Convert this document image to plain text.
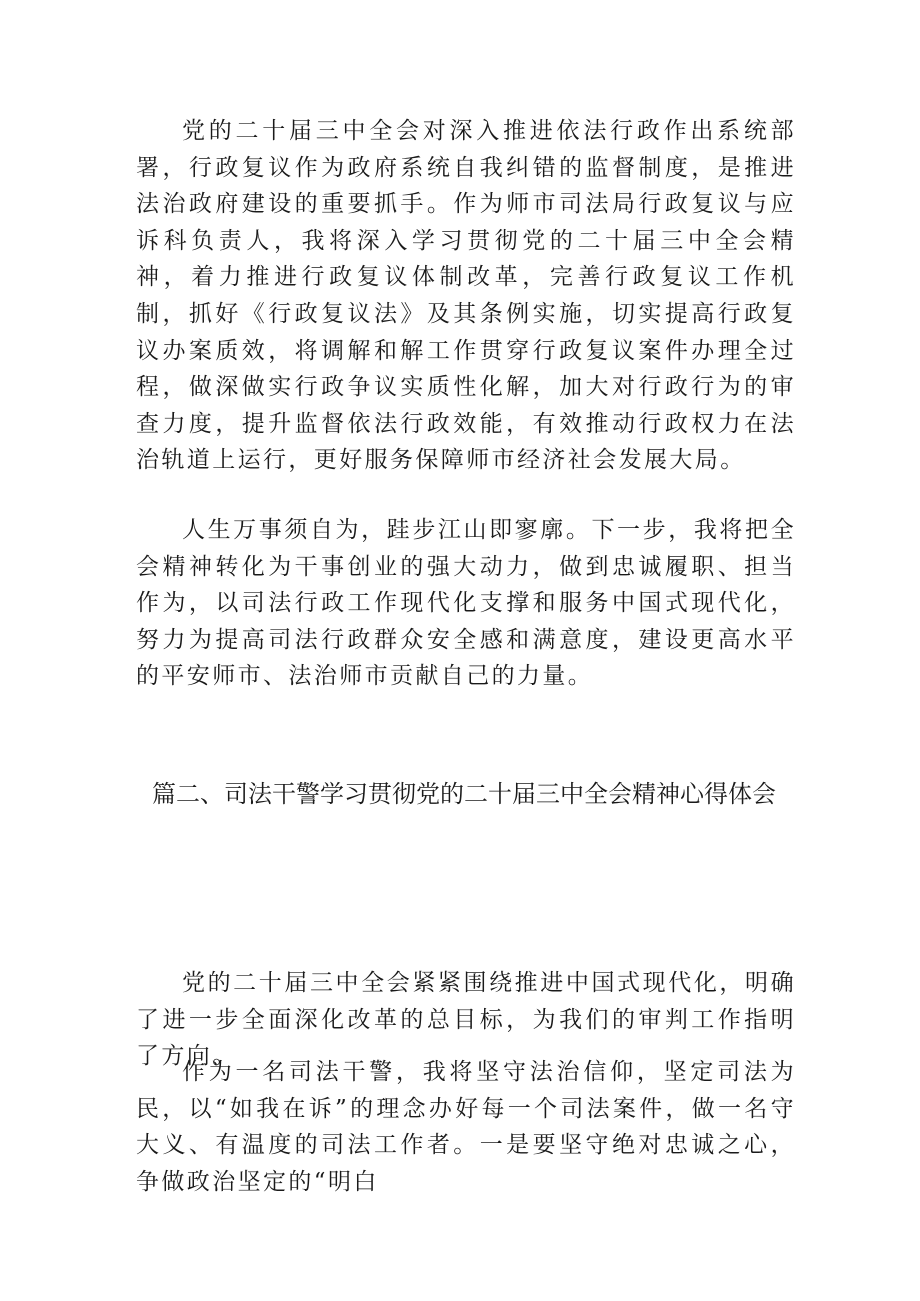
党的二十届三中全会对深入推进依法行政作出系统部署，行政复议作为政府系统自我纠错的监督制度，是推进法治政府建设的重要抓手。作为师市司法局行政复议与应诉科负责人，我将深入学习贯彻党的二十届三中全会精神，着力推进行政复议体制改革，完善行政复议工作机制，抓好《行政复议法》及其条例实施，切实提高行政复议办案质效，将调解和解工作贯穿行政复议案件办理全过程，做深做实行政争议实质性化解，加大对行政行为的审查力度，提升监督依法行政效能，有效推动行政权力在法治轨道上运行，更好服务保障师市经济社会发展大局。

人生万事须自为，跬步江山即寥廓。下一步，我将把全会精神转化为干事创业的强大动力，做到忠诚履职、担当作为，以司法行政工作现代化支撑和服务中国式现代化，努力为提高司法行政群众安全感和满意度，建设更高水平的平安师市、法治师市贡献自己的力量。

篇二、司法干警学习贯彻党的二十届三中全会精神心得体会

党的二十届三中全会紧紧围绕推进中国式现代化，明确了进一步全面深化改革的总目标，为我们的审判工作指明了方向。

作为一名司法干警，我将坚守法治信仰，坚定司法为民，以“如我在诉”的理念办好每一个司法案件，做一名守大义、有温度的司法工作者。一是要坚守绝对忠诚之心，争做政治坚定的“明白
